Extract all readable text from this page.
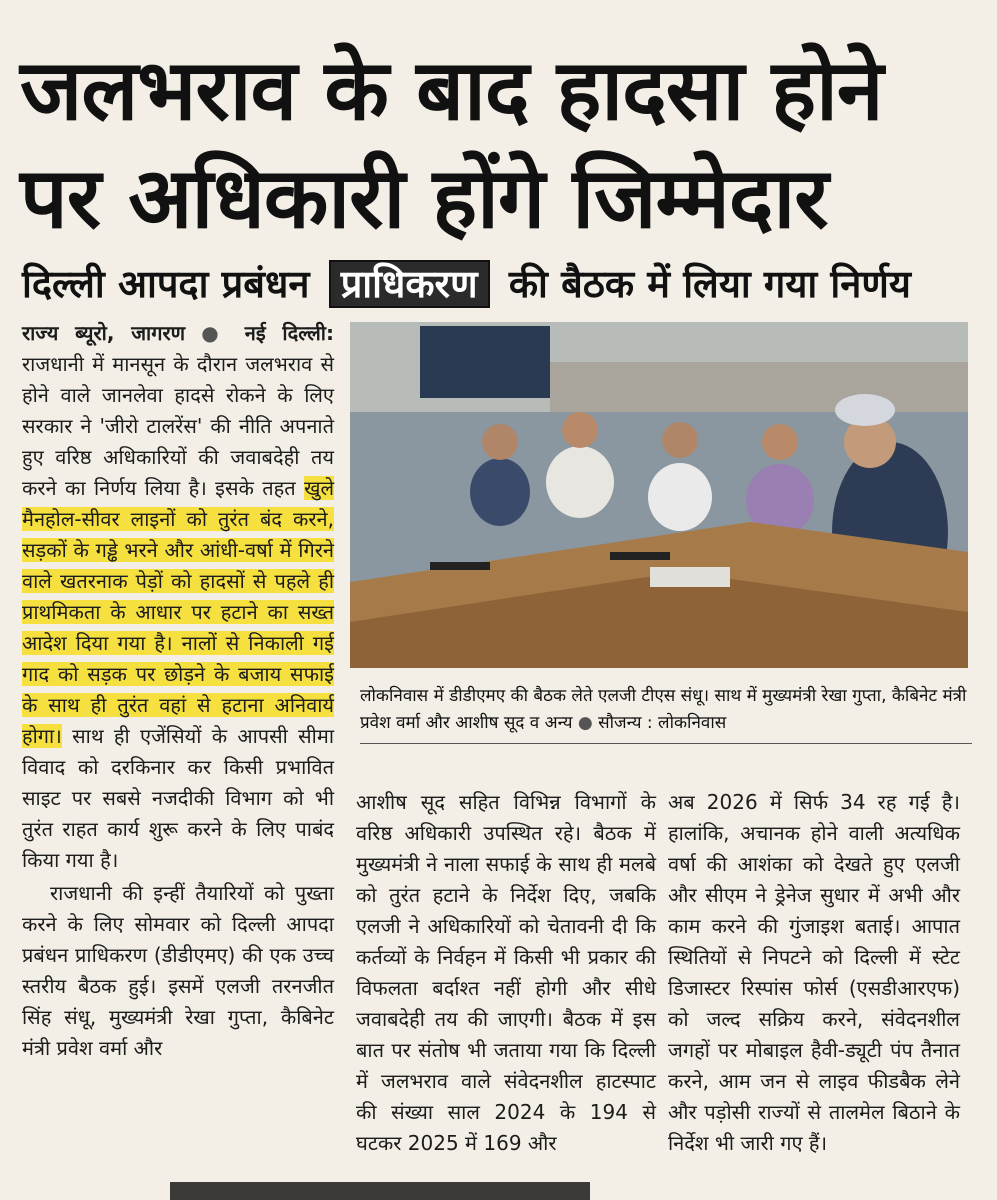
जलभराव के बाद हादसा होने
पर अधिकारी होंगे जिम्मेदार
दिल्ली आपदा प्रबंधन प्राधिकरण की बैठक में लिया गया निर्णय

राज्य ब्यूरो, जागरण ● नई दिल्ली: राजधानी में मानसून के दौरान जलभराव से होने वाले जानलेवा हादसे रोकने के लिए सरकार ने 'जीरो टालरेंस' की नीति अपनाते हुए वरिष्ठ अधिकारियों की जवाबदेही तय करने का निर्णय लिया है। इसके तहत खुले मैनहोल-सीवर लाइनों को तुरंत बंद करने, सड़कों के गड्ढे भरने और आंधी-वर्षा में गिरने वाले खतरनाक पेड़ों को हादसों से पहले ही प्राथमिकता के आधार पर हटाने का सख्त आदेश दिया गया है। नालों से निकाली गई गाद को सड़क पर छोड़ने के बजाय सफाई के साथ ही तुरंत वहां से हटाना अनिवार्य होगा। साथ ही एजेंसियों के आपसी सीमा विवाद को दरकिनार कर किसी प्रभावित साइट पर सबसे नजदीकी विभाग को भी तुरंत राहत कार्य शुरू करने के लिए पाबंद किया गया है।

राजधानी की इन्हीं तैयारियों को पुख्ता करने के लिए सोमवार को दिल्ली आपदा प्रबंधन प्राधिकरण (डीडीएमए) की एक उच्च स्तरीय बैठक हुई। इसमें एलजी तरनजीत सिंह संधू, मुख्यमंत्री रेखा गुप्ता, कैबिनेट मंत्री प्रवेश वर्मा और

लोकनिवास में डीडीएमए की बैठक लेते एलजी टीएस संधू। साथ में मुख्यमंत्री रेखा गुप्ता, कैबिनेट मंत्री प्रवेश वर्मा और आशीष सूद व अन्य ● सौजन्य : लोकनिवास

आशीष सूद सहित विभिन्न विभागों के वरिष्ठ अधिकारी उपस्थित रहे। बैठक में मुख्यमंत्री ने नाला सफाई के साथ ही मलबे को तुरंत हटाने के निर्देश दिए, जबकि एलजी ने अधिकारियों को चेतावनी दी कि कर्तव्यों के निर्वहन में किसी भी प्रकार की विफलता बर्दाश्त नहीं होगी और सीधे जवाबदेही तय की जाएगी। बैठक में इस बात पर संतोष भी जताया गया कि दिल्ली में जलभराव वाले संवेदनशील हाटस्पाट की संख्या साल 2024 के 194 से घटकर 2025 में 169 और

अब 2026 में सिर्फ 34 रह गई है। हालांकि, अचानक होने वाली अत्यधिक वर्षा की आशंका को देखते हुए एलजी और सीएम ने ड्रेनेज सुधार में अभी और काम करने की गुंजाइश बताई। आपात स्थितियों से निपटने को दिल्ली में स्टेट डिजास्टर रिस्पांस फोर्स (एसडीआरएफ) को जल्द सक्रिय करने, संवेदनशील जगहों पर मोबाइल हैवी-ड्यूटी पंप तैनात करने, आम जन से लाइव फीडबैक लेने और पड़ोसी राज्यों से तालमेल बिठाने के निर्देश भी जारी गए हैं।
